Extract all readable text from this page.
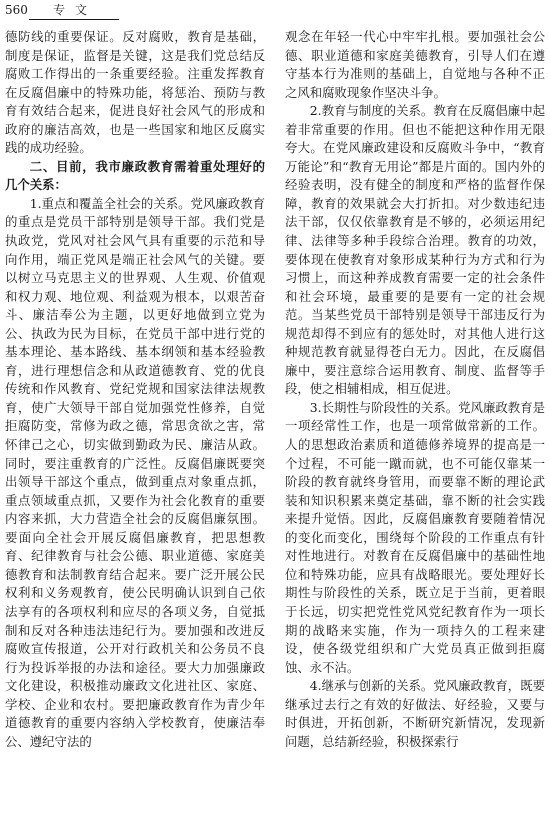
560 专文

德防线的重要保证。反对腐败，教育是基础，制度是保证，监督是关键，这是我们党总结反腐败工作得出的一条重要经验。注重发挥教育在反腐倡廉中的特殊功能，将惩治、预防与教育有效结合起来，促进良好社会风气的形成和政府的廉洁高效，也是一些国家和地区反腐实践的成功经验。

二、目前，我市廉政教育需着重处理好的几个关系：

1.重点和覆盖全社会的关系。党风廉政教育的重点是党员干部特别是领导干部。我们党是执政党，党风对社会风气具有重要的示范和导向作用，端正党风是端正社会风气的关键。要以树立马克思主义的世界观、人生观、价值观和权力观、地位观、利益观为根本，以艰苦奋斗、廉洁奉公为主题，以更好地做到立党为公、执政为民为目标，在党员干部中进行党的基本理论、基本路线、基本纲领和基本经验教育，进行理想信念和从政道德教育、党的优良传统和作风教育、党纪党规和国家法律法规教育，使广大领导干部自觉加强党性修养，自觉拒腐防变，常修为政之德，常思贪欲之害，常怀律己之心，切实做到勤政为民、廉洁从政。同时，要注重教育的广泛性。反腐倡廉既要突出领导干部这个重点，做到重点对象重点抓，重点领域重点抓，又要作为社会化教育的重要内容来抓，大力营造全社会的反腐倡廉氛围。要面向全社会开展反腐倡廉教育，把思想教育、纪律教育与社会公德、职业道德、家庭美德教育和法制教育结合起来。要广泛开展公民权利和义务观教育，使公民明确认识到自己依法享有的各项权利和应尽的各项义务，自觉抵制和反对各种违法违纪行为。要加强和改进反腐败宣传报道，公开对行政机关和公务员不良行为投诉举报的办法和途径。要大力加强廉政文化建设，积极推动廉政文化进社区、家庭、学校、企业和农村。要把廉政教育作为青少年道德教育的重要内容纳入学校教育，使廉洁奉公、遵纪守法的

观念在年轻一代心中牢牢扎根。要加强社会公德、职业道德和家庭美德教育，引导人们在遵守基本行为准则的基础上，自觉地与各种不正之风和腐败现象作坚决斗争。

2.教育与制度的关系。教育在反腐倡廉中起着非常重要的作用。但也不能把这种作用无限夸大。在党风廉政建设和反腐败斗争中，“教育万能论”和“教育无用论”都是片面的。国内外的经验表明，没有健全的制度和严格的监督作保障，教育的效果就会大打折扣。对少数违纪违法干部，仅仅依靠教育是不够的，必须运用纪律、法律等多种手段综合治理。教育的功效，要体现在使教育对象形成某种行为方式和行为习惯上，而这种养成教育需要一定的社会条件和社会环境，最重要的是要有一定的社会规范。当某些党员干部特别是领导干部违反行为规范却得不到应有的惩处时，对其他人进行这种规范教育就显得苍白无力。因此，在反腐倡廉中，要注意综合运用教育、制度、监督等手段，使之相辅相成，相互促进。

3.长期性与阶段性的关系。党风廉政教育是一项经常性工作，也是一项常做常新的工作。人的思想政治素质和道德修养境界的提高是一个过程，不可能一蹴而就，也不可能仅靠某一阶段的教育就终身管用，而要靠不断的理论武装和知识积累来奠定基础，靠不断的社会实践来提升觉悟。因此，反腐倡廉教育要随着情况的变化而变化，围绕每个阶段的工作重点有针对性地进行。对教育在反腐倡廉中的基础性地位和特殊功能，应具有战略眼光。要处理好长期性与阶段性的关系，既立足于当前，更着眼于长远，切实把党性党风党纪教育作为一项长期的战略来实施，作为一项持久的工程来建设，使各级党组织和广大党员真正做到拒腐蚀、永不沾。

4.继承与创新的关系。党风廉政教育，既要继承过去行之有效的好做法、好经验，又要与时俱进，开拓创新，不断研究新情况，发现新问题，总结新经验，积极探索行
